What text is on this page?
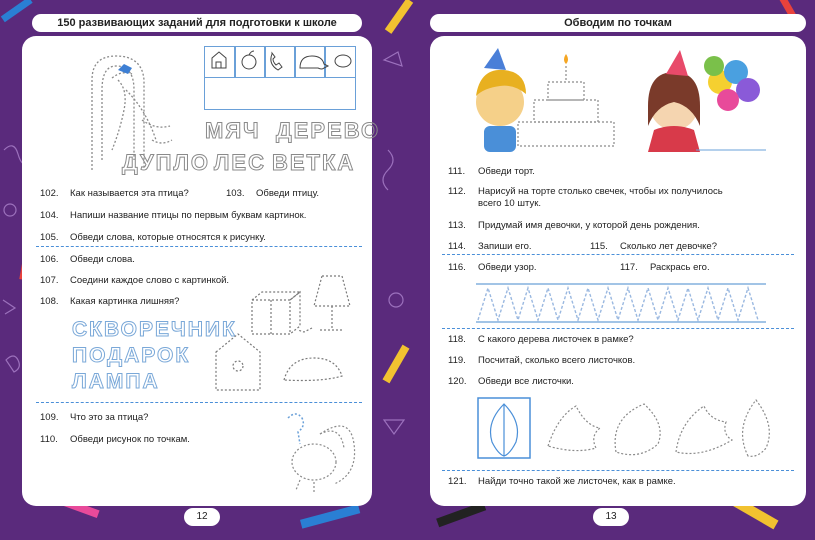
150 развивающих заданий для подготовки к школе	Обводим по точкам
МЯЧ ДЕРЕВО
ДУПЛО ЛЕС ВЕТКА
102. Как называется эта птица?	103. Обведи птицу.
104. Напиши название птицы по первым буквам картинок.
105. Обведи слова, которые относятся к рисунку.
106. Обведи слова.
107. Соедини каждое слово с картинкой.
108. Какая картинка лишняя?
СКВОРЕЧНИК
ПОДАРОК
ЛАМПА
109. Что это за птица?
110. Обведи рисунок по точкам.
12
111. Обведи торт.
112. Нарисуй на торте столько свечек, чтобы их получилось
всего 10 штук.
113. Придумай имя девочки, у которой день рождения.
114. Запиши его.	115. Сколько лет девочке?
116. Обведи узор.	117. Раскрась его.
118. С какого дерева листочек в рамке?
119. Посчитай, сколько всего листочков.
120. Обведи все листочки.
121. Найди точно такой же листочек, как в рамке.
13
